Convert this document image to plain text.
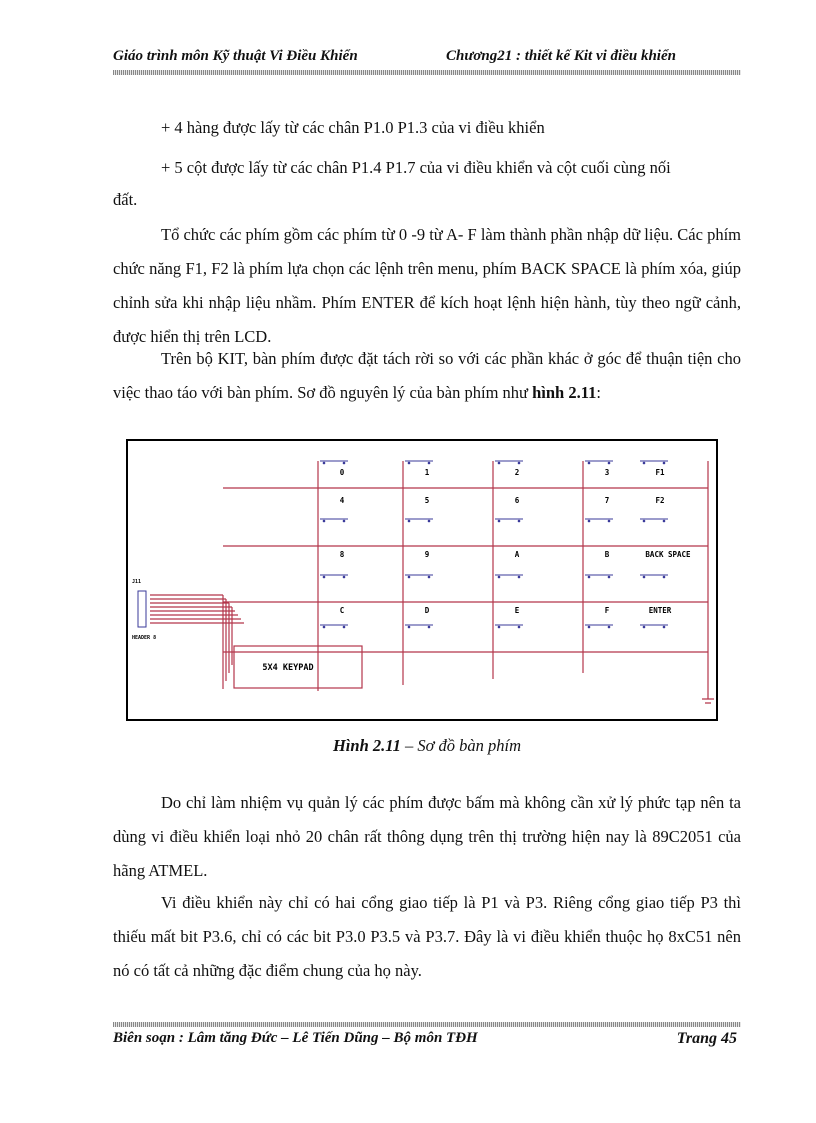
Giáo trình môn Kỹ thuật Vi Điều Khiển	Chương21 : thiết kế Kit vi điều khiển

+ 4 hàng được lấy từ các chân P1.0 P1.3 của vi điều khiển

+ 5 cột được lấy từ các chân P1.4 P1.7 của vi điều khiển và cột cuối cùng nối

đất.

Tổ chức các phím gồm các phím từ 0 -9 từ A- F làm thành phần nhập dữ liệu. Các phím chức năng F1, F2 là phím lựa chọn các lệnh trên menu, phím BACK SPACE là phím xóa, giúp chỉnh sửa khi nhập liệu nhầm. Phím ENTER để kích hoạt lệnh hiện hành, tùy theo ngữ cảnh, được hiển thị trên LCD.

Trên bộ KIT, bàn phím được đặt tách rời so với các phần khác ở góc để thuận tiện cho việc thao táo với bàn phím. Sơ đồ nguyên lý của bàn phím như hình 2.11:

J11
HEADER 8
0	1	2	3	F1
4	5	6	7	F2
8	9	A	B	BACK SPACE
C	D	E	F	ENTER
5X4 KEYPAD
Hình 2.11 – Sơ đồ bàn phím

Do chỉ làm nhiệm vụ quản lý các phím được bấm mà không cần xử lý phức tạp nên ta dùng vi điều khiển loại nhỏ 20 chân rất thông dụng trên thị trường hiện nay là 89C2051 của hãng ATMEL.

Vi điều khiển này chỉ có hai cổng giao tiếp là P1 và P3. Riêng cổng giao tiếp P3 thì thiếu mất bit P3.6, chỉ có các bit P3.0 P3.5 và P3.7. Đây là vi điều khiển thuộc họ 8xC51 nên nó có tất cả những đặc điểm chung của họ này.

Biên soạn : Lâm tăng Đức – Lê Tiến Dũng – Bộ môn TĐH	Trang 45
